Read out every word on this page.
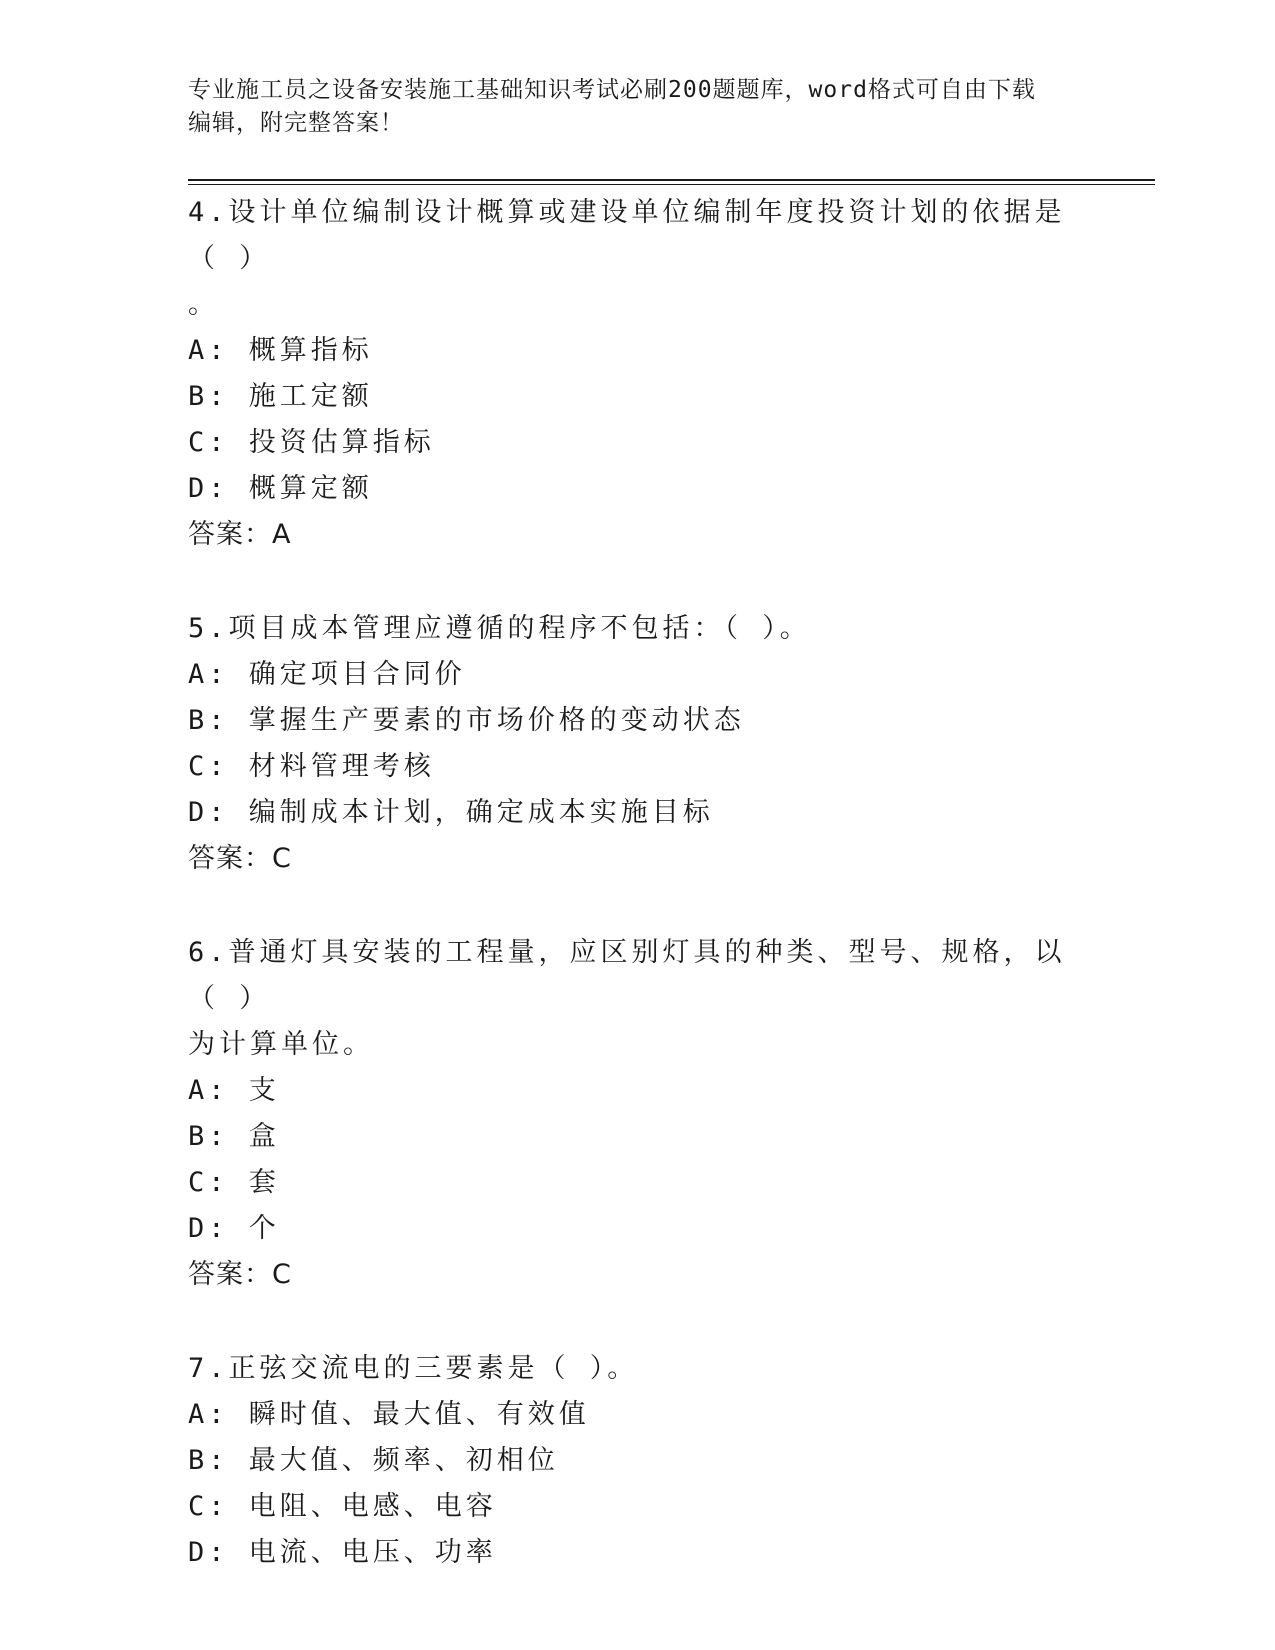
专业施工员之设备安装施工基础知识考试必刷200题题库，word格式可自由下载
编辑，附完整答案！
4.设计单位编制设计概算或建设单位编制年度投资计划的依据是（ ）
。
A: 概算指标
B: 施工定额
C: 投资估算指标
D: 概算定额
答案：A
5.项目成本管理应遵循的程序不包括：（ ）。
A: 确定项目合同价
B: 掌握生产要素的市场价格的变动状态
C: 材料管理考核
D: 编制成本计划，确定成本实施目标
答案：C
6.普通灯具安装的工程量，应区别灯具的种类、型号、规格，以（ ）
为计算单位。
A: 支
B: 盒
C: 套
D: 个
答案：C
7.正弦交流电的三要素是（ ）。
A: 瞬时值、最大值、有效值
B: 最大值、频率、初相位
C: 电阻、电感、电容
D: 电流、电压、功率
